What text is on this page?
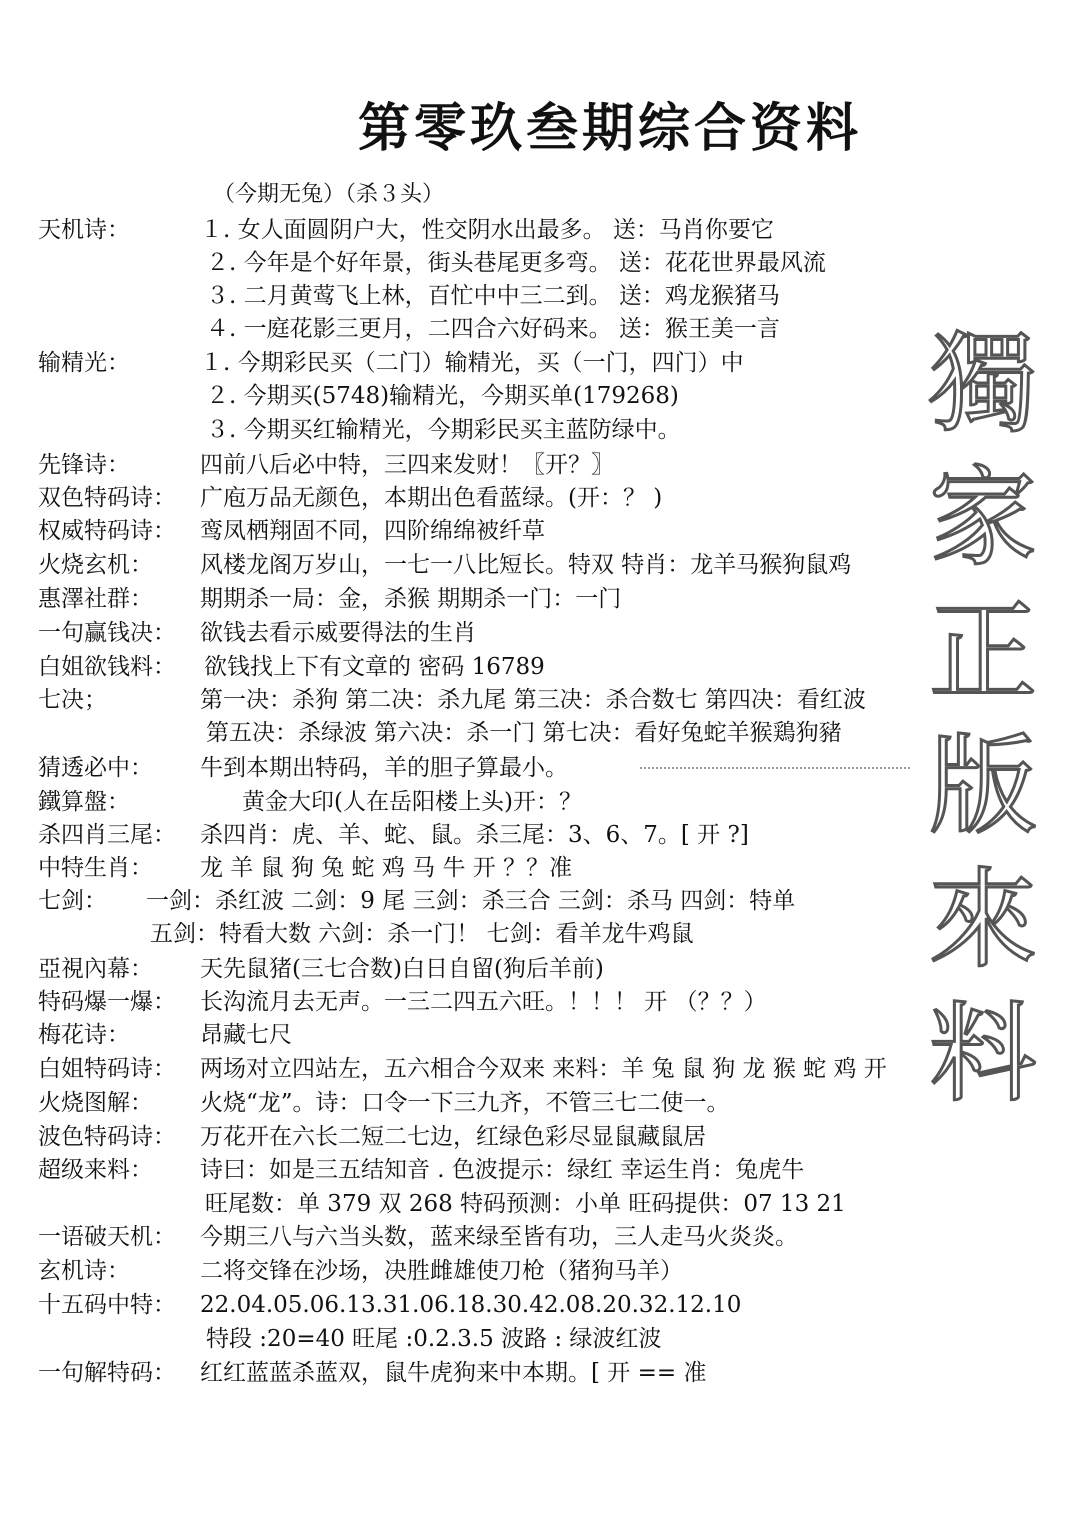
第零玖叁期综合资料
（今期无兔）（杀３头）
獨
家
正
版
來
料
天机诗：	１. 女人面圆阴户大，性交阴水出最多。 送：马肖你要它
２. 今年是个好年景，街头巷尾更多弯。 送：花花世界最风流
３. 二月黄莺飞上林，百忙中中三二到。 送：鸡龙猴猪马
４. 一庭花影三更月，二四合六好码来。 送：猴王美一言
输精光：	１. 今期彩民买（二门）输精光，买（一门，四门）中
２. 今期买(5748)输精光，今期买单(179268)
３. 今期买红输精光，今期彩民买主蓝防绿中。
先锋诗：	四前八后必中特，三四来发财！〖开？〗
双色特码诗： 广庖万品无颜色，本期出色看蓝绿。(开：？ )
权威特码诗： 鸾凤栖翔固不同，四阶绵绵被纤草
火烧玄机： 风楼龙阁万岁山，一七一八比短长。特双 特肖：龙羊马猴狗鼠鸡
惠澤社群： 期期杀一局：金，杀猴 期期杀一门：一门
一句赢钱决： 欲钱去看示威要得法的生肖
白姐欲钱料： 欲钱找上下有文章的 密码 16789
七决；	第一决：杀狗 第二决：杀九尾 第三决：杀合数七 第四决：看红波
第五决：杀绿波 第六决：杀一门 第七决：看好兔蛇羊猴鶏狗豬
猜透必中： 牛到本期出特码，羊的胆子算最小。
鐵算盤：	黄金大印(人在岳阳楼上头)开：？
杀四肖三尾： 杀四肖：虎、羊、蛇、鼠。杀三尾：3、6、7。[ 开 ?]
中特生肖： 龙 羊 鼠 狗 兔 蛇 鸡 马 牛 开 ？？准
七剑： 一剑：杀红波 二剑：9 尾 三剑：杀三合 三剑：杀马 四剑：特单
五剑：特看大数 六剑：杀一门！ 七剑：看羊龙牛鸡鼠
亞視內幕： 天先鼠猪(三七合数)白日自留(狗后羊前)
特码爆一爆： 长沟流月去无声。一三二四五六旺。！！！ 开 （？？）
梅花诗：	昂藏七尺
白姐特码诗： 两场对立四站左，五六相合今双来 来料：羊 兔 鼠 狗 龙 猴 蛇 鸡 开
火烧图解： 火烧“龙”。诗：口令一下三九齐，不管三七二使一。
波色特码诗： 万花开在六长二短二七边，红绿色彩尽显鼠藏鼠居
超级来料： 诗曰：如是三五结知音 . 色波提示：绿红 幸运生肖：兔虎牛
旺尾数：单 379 双 268 特码预测：小单 旺码提供：07 13 21
一语破天机： 今期三八与六当头数，蓝来绿至皆有功，三人走马火炎炎。
玄机诗：	二将交锋在沙场，决胜雌雄使刀枪（猪狗马羊）
十五码中特： 22.04.05.06.13.31.06.18.30.42.08.20.32.12.10
特段 :20=40 旺尾 :0.2.3.5 波路 : 绿波红波
一句解特码： 红红蓝蓝杀蓝双，鼠牛虎狗来中本期。[ 开 == 准
